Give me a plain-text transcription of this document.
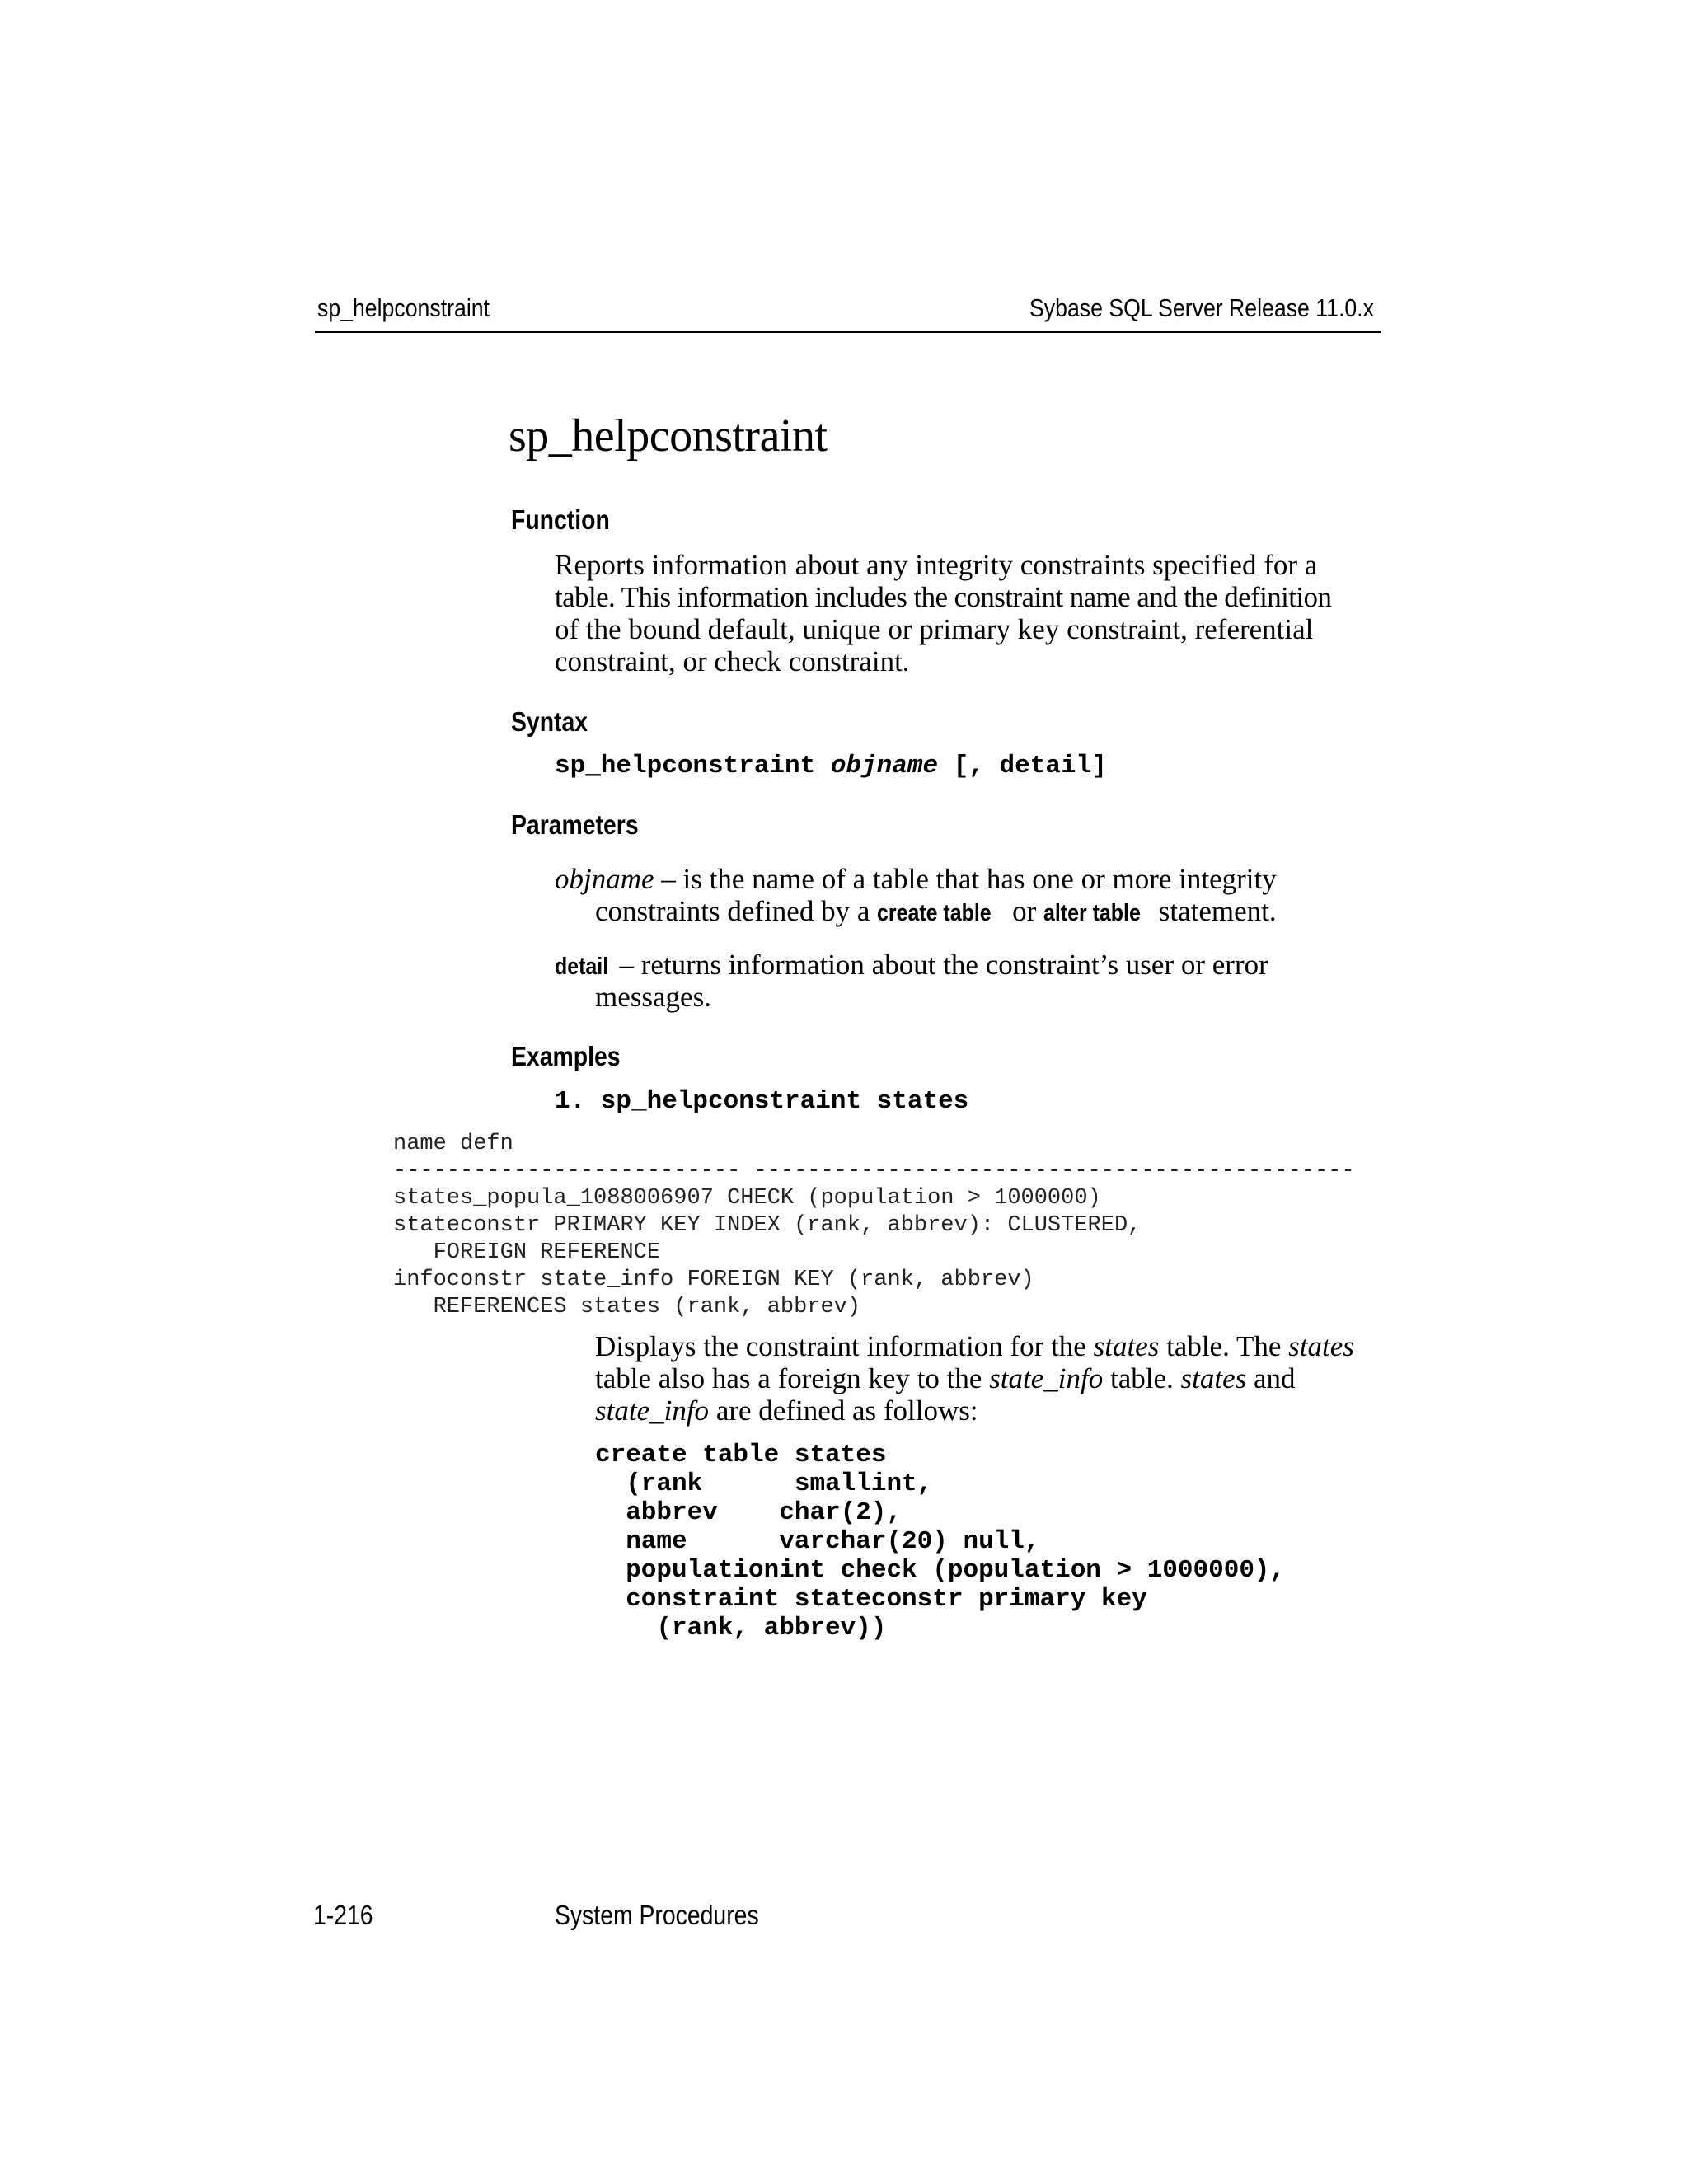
sp_helpconstraint	Sybase SQL Server Release 11.0.x
sp_helpconstraint
Function
Reports information about any integrity constraints specified for a
table. This information includes the constraint name and the definition
of the bound default, unique or primary key constraint, referential
constraint, or check constraint.
Syntax
sp_helpconstraint objname [, detail]
Parameters
objname – is the name of a table that has one or more integrity
constraints defined by a create table or alter table statement.
detail – returns information about the constraint’s user or error
messages.
Examples
1. sp_helpconstraint states
name defn
-------------------------- ---------------------------------------------
states_popula_1088006907 CHECK (population > 1000000)
stateconstr PRIMARY KEY INDEX (rank, abbrev): CLUSTERED,
FOREIGN REFERENCE
infoconstr state_info FOREIGN KEY (rank, abbrev)
REFERENCES states (rank, abbrev)
Displays the constraint information for the states table. The states
table also has a foreign key to the state_info table. states and
state_info are defined as follows:
create table states
(rank      smallint,
abbrev    char(2),
name      varchar(20) null,
populationint check (population > 1000000),
constraint stateconstr primary key
(rank, abbrev))
1-216	System Procedures
